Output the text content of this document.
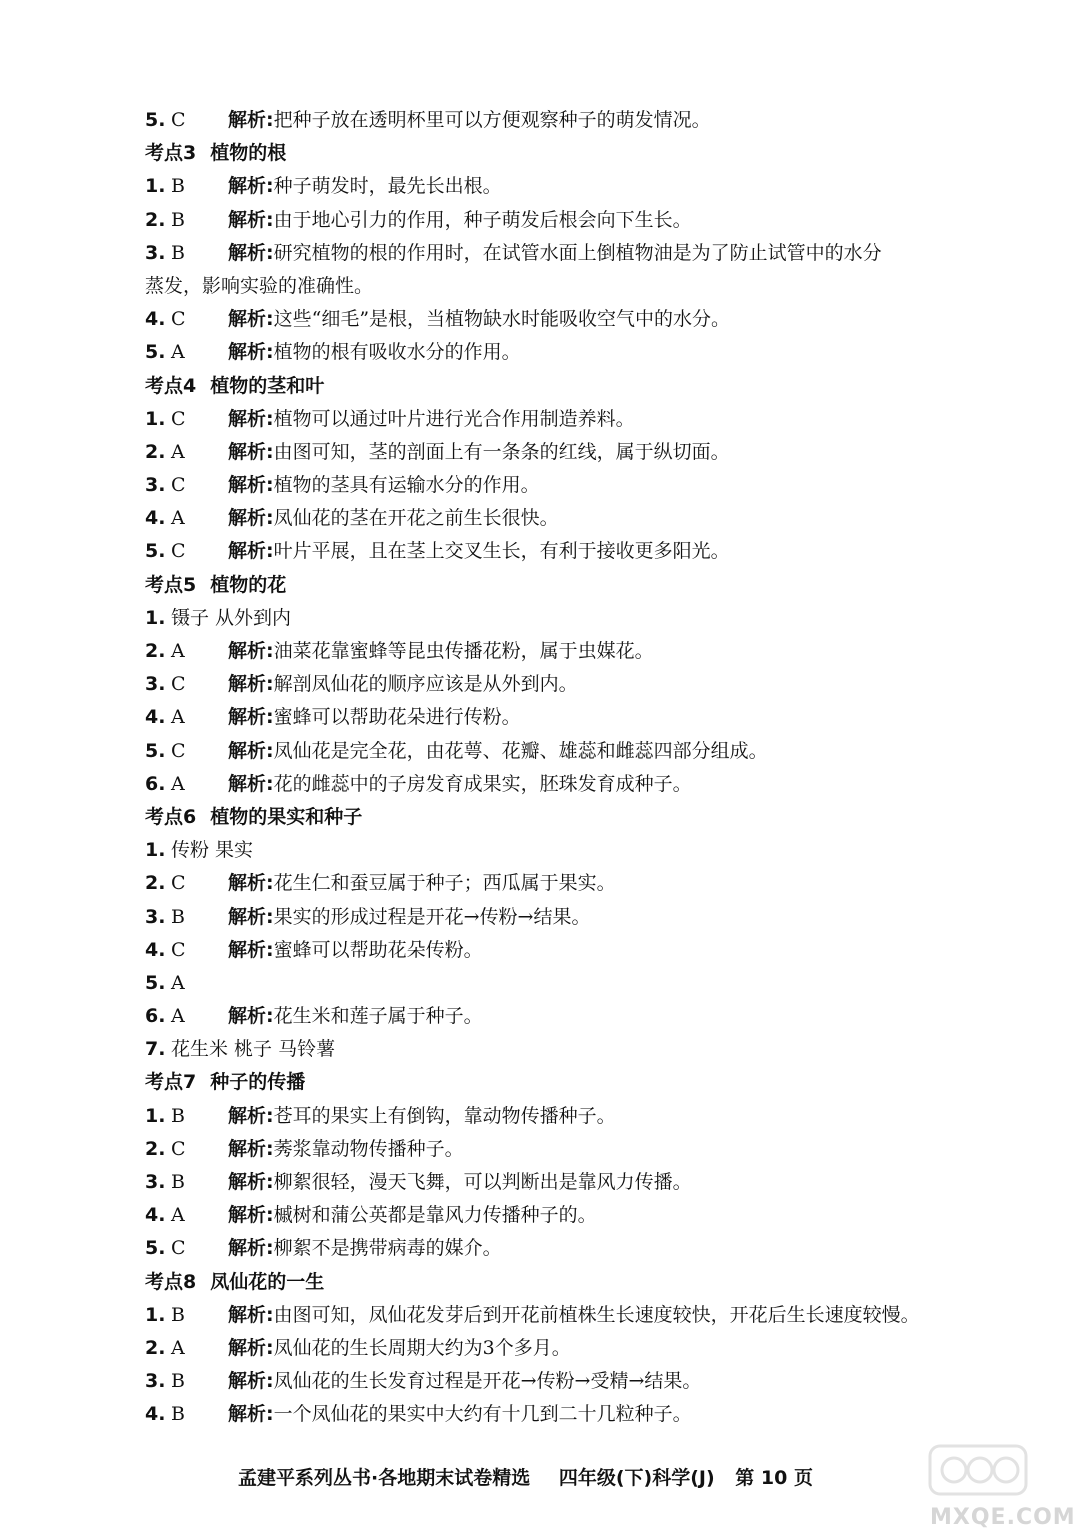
5. C  解析:把种子放在透明杯里可以方便观察种子的萌发情况。
考点3 植物的根
1. B  解析:种子萌发时，最先长出根。
2. B  解析:由于地心引力的作用，种子萌发后根会向下生长。
3. B  解析:研究植物的根的作用时，在试管水面上倒植物油是为了防止试管中的水分
蒸发，影响实验的准确性。
4. C  解析:这些“细毛”是根，当植物缺水时能吸收空气中的水分。
5. A  解析:植物的根有吸收水分的作用。
考点4 植物的茎和叶
1. C  解析:植物可以通过叶片进行光合作用制造养料。
2. A  解析:由图可知，茎的剖面上有一条条的红线，属于纵切面。
3. C  解析:植物的茎具有运输水分的作用。
4. A  解析:凤仙花的茎在开花之前生长很快。
5. C  解析:叶片平展，且在茎上交叉生长，有利于接收更多阳光。
考点5 植物的花
1. 镊子 从外到内
2. A  解析:油菜花靠蜜蜂等昆虫传播花粉，属于虫媒花。
3. C  解析:解剖凤仙花的顺序应该是从外到内。
4. A  解析:蜜蜂可以帮助花朵进行传粉。
5. C  解析:凤仙花是完全花，由花萼、花瓣、雄蕊和雌蕊四部分组成。
6. A  解析:花的雌蕊中的子房发育成果实，胚珠发育成种子。
考点6 植物的果实和种子
1. 传粉 果实
2. C  解析:花生仁和蚕豆属于种子；西瓜属于果实。
3. B  解析:果实的形成过程是开花→传粉→结果。
4. C  解析:蜜蜂可以帮助花朵传粉。
5. A
6. A  解析:花生米和莲子属于种子。
7. 花生米 桃子 马铃薯
考点7 种子的传播
1. B  解析:苍耳的果实上有倒钩，靠动物传播种子。
2. C  解析:莠浆靠动物传播种子。
3. B  解析:柳絮很轻，漫天飞舞，可以判断出是靠风力传播。
4. A  解析:槭树和蒲公英都是靠风力传播种子的。
5. C  解析:柳絮不是携带病毒的媒介。
考点8 凤仙花的一生
1. B  解析:由图可知，凤仙花发芽后到开花前植株生长速度较快，开花后生长速度较慢。
2. A  解析:凤仙花的生长周期大约为3个多月。
3. B  解析:凤仙花的生长发育过程是开花→传粉→受精→结果。
4. B  解析:一个凤仙花的果实中大约有十几到二十几粒种子。
孟建平系列丛书·各地期末试卷精选 四年级(下)科学(J) 第 10 页
MXQE.COM
